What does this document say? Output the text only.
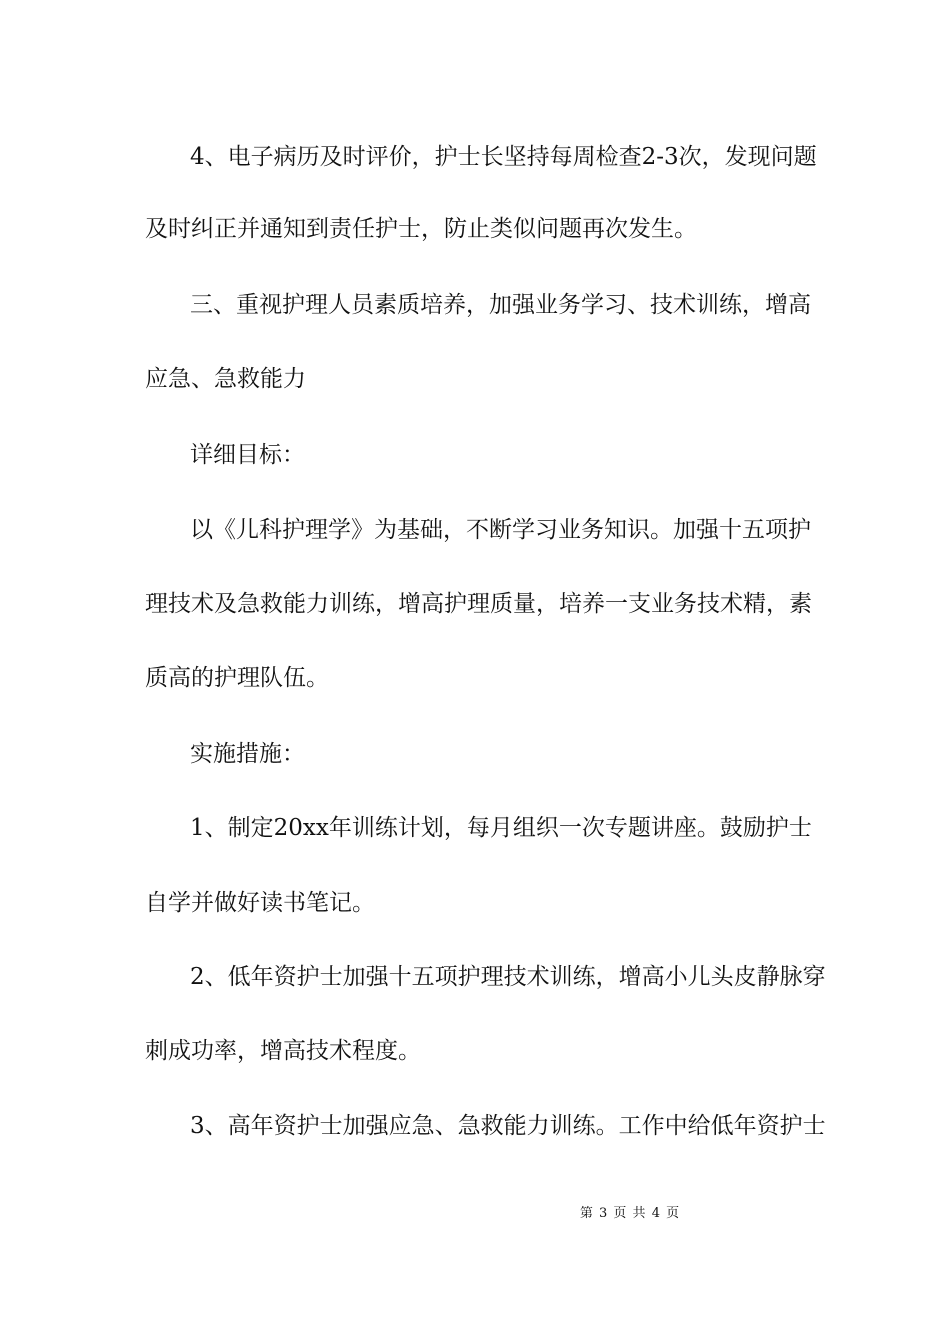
4、电子病历及时评价，护士长坚持每周检查2-3次，发现问题
及时纠正并通知到责任护士，防止类似问题再次发生。
三、重视护理人员素质培养，加强业务学习、技术训练，增高
应急、急救能力
详细目标：
以《儿科护理学》为基础，不断学习业务知识。加强十五项护
理技术及急救能力训练，增高护理质量，培养一支业务技术精，素
质高的护理队伍。
实施措施：
1、制定20xx年训练计划，每月组织一次专题讲座。鼓励护士
自学并做好读书笔记。
2、低年资护士加强十五项护理技术训练，增高小儿头皮静脉穿
刺成功率，增高技术程度。
3、高年资护士加强应急、急救能力训练。工作中给低年资护士
第 3 页 共 4 页
